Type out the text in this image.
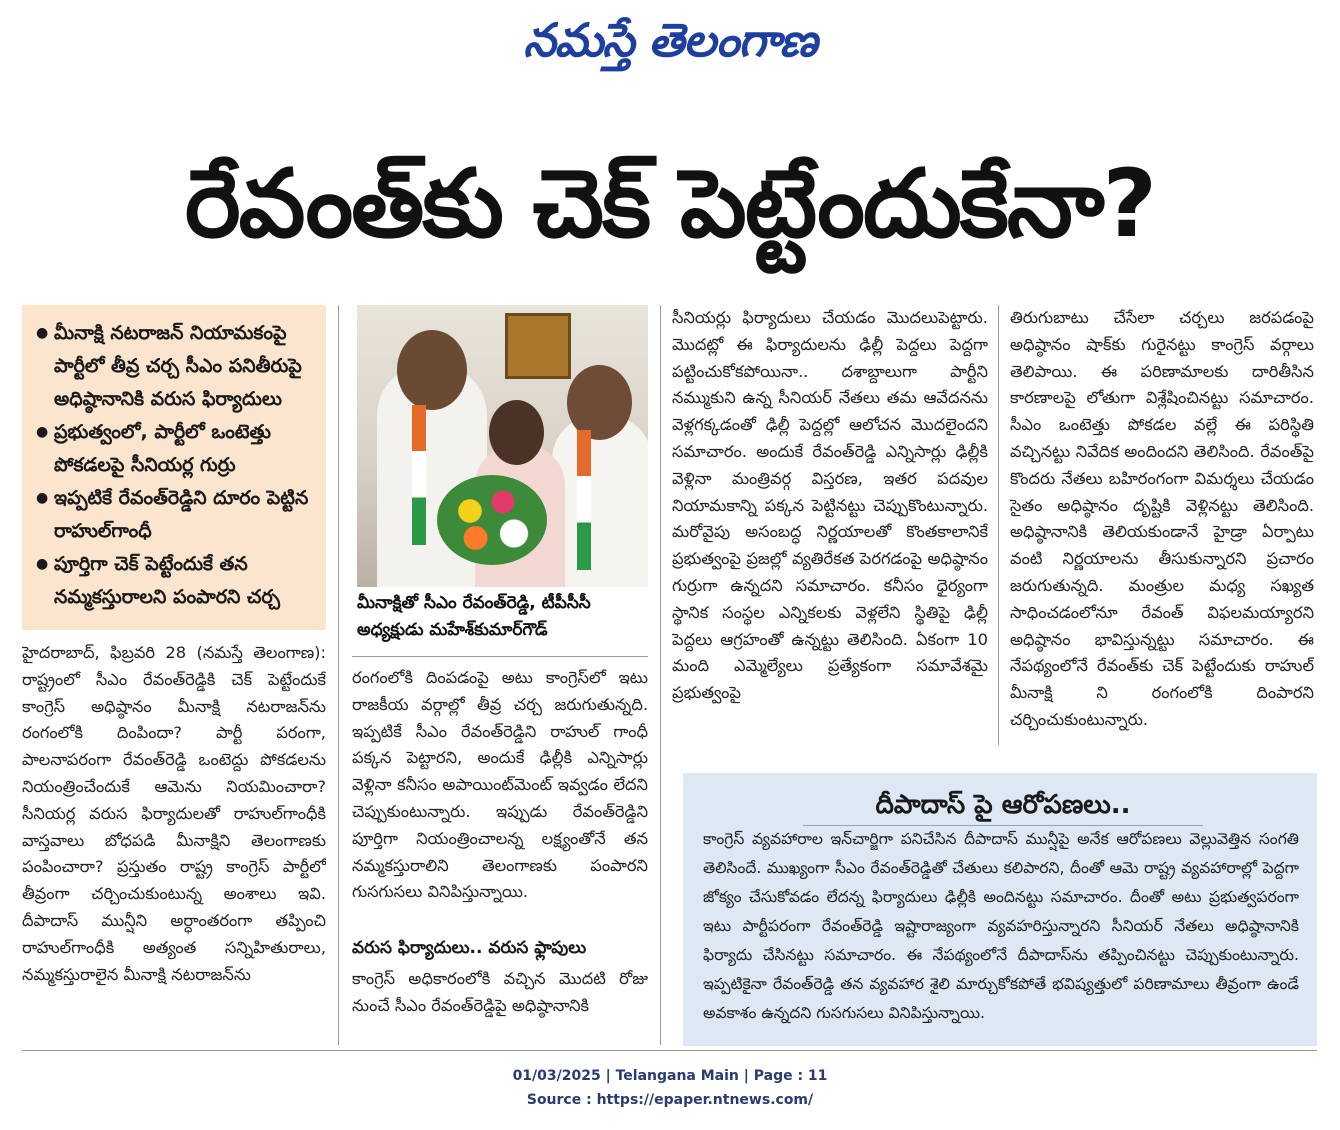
నమస్తే తెలంగాణ
రేవంత్‌కు చెక్ పెట్టేందుకేనా?
● మీనాక్షి నటరాజన్ నియామకంపై పార్టీలో తీవ్ర చర్చ సీఎం పనితీరుపై అధిష్ఠానానికి వరుస ఫిర్యాదులు
● ప్రభుత్వంలో, పార్టీలో ఒంటెత్తు పోకడలపై సీనియర్ల గుర్రు
● ఇప్పటికే రేవంత్‌రెడ్డిని దూరం పెట్టిన రాహుల్‌గాంధీ
● పూర్తిగా చెక్ పెట్టేందుకే తన నమ్మకస్తురాలని పంపారని చర్చ	మీనాక్షితో సీఎం రేవంత్‌రెడ్డి, టీపీసీసీ అధ్యక్షుడు మహేశ్‌కుమార్‌గౌడ్

హైదరాబాద్, ఫిబ్రవరి 28 (నమస్తే తెలంగాణ): రాష్ట్రంలో సీఎం రేవంత్‌రెడ్డికి చెక్ పెట్టేందుకే కాంగ్రెస్ అధిష్ఠానం మీనాక్షి నటరాజన్‌ను రంగంలోకి దింపిందా? పార్టీ పరంగా, పాలనాపరంగా రేవంత్‌రెడ్డి ఒంటెద్దు పోకడలను నియంత్రించేందుకే ఆమెను నియమించారా? సీనియర్ల వరుస ఫిర్యాదులతో రాహుల్‌గాంధీకి వాస్తవాలు బోధపడి మీనాక్షిని తెలంగాణకు పంపించారా? ప్రస్తుతం రాష్ట్ర కాంగ్రెస్ పార్టీలో తీవ్రంగా చర్చించుకుంటున్న అంశాలు ఇవి. దీపాదాస్ మున్షీని అర్ధాంతరంగా తప్పించి రాహుల్‌గాంధీకి అత్యంత సన్నిహితురాలు, నమ్మకస్తురాలైన మీనాక్షి నటరాజన్‌ను

రంగంలోకి దింపడంపై అటు కాంగ్రెస్‌లో ఇటు రాజకీయ వర్గాల్లో తీవ్ర చర్చ జరుగుతున్నది. ఇప్పటికే సీఎం రేవంత్‌రెడ్డిని రాహుల్ గాంధీ పక్కన పెట్టారని, అందుకే ఢిల్లీకి ఎన్నిసార్లు వెళ్లినా కనీసం అపాయింట్‌మెంట్ ఇవ్వడం లేదని చెప్పుకుంటున్నారు. ఇప్పుడు రేవంత్‌రెడ్డిని పూర్తిగా నియంత్రించాలన్న లక్ష్యంతోనే తన నమ్మకస్తురాలిని తెలంగాణకు పంపారని గుసగుసలు వినిపిస్తున్నాయి.

వరుస ఫిర్యాదులు.. వరుస ఫ్లాపులు

కాంగ్రెస్ అధికారంలోకి వచ్చిన మొదటి రోజు నుంచే సీఎం రేవంత్‌రెడ్డిపై అధిష్ఠానానికి

సీనియర్లు ఫిర్యాదులు చేయడం మొదలుపెట్టారు. మొదట్లో ఈ ఫిర్యాదులను ఢిల్లీ పెద్దలు పెద్దగా పట్టించుకోకపోయినా.. దశాబ్దాలుగా పార్టీని నమ్ముకుని ఉన్న సీనియర్ నేతలు తమ ఆవేదనను వెళ్లగక్కడంతో ఢిల్లీ పెద్దల్లో ఆలోచన మొదలైందని సమాచారం. అందుకే రేవంత్‌రెడ్డి ఎన్నిసార్లు ఢిల్లీకి వెళ్లినా మంత్రివర్గ విస్తరణ, ఇతర పదవుల నియామకాన్ని పక్కన పెట్టినట్టు చెప్పుకొంటున్నారు. మరోవైపు అసంబద్ధ నిర్ణయాలతో కొంతకాలానికే ప్రభుత్వంపై ప్రజల్లో వ్యతిరేకత పెరగడంపై అధిష్ఠానం గుర్రుగా ఉన్నదని సమాచారం. కనీసం ధైర్యంగా స్థానిక సంస్థల ఎన్నికలకు వెళ్లలేని స్థితిపై ఢిల్లీ పెద్దలు ఆగ్రహంతో ఉన్నట్టు తెలిసింది. ఏకంగా 10 మంది ఎమ్మెల్యేలు ప్రత్యేకంగా సమావేశమై ప్రభుత్వంపై

తిరుగుబాటు చేసేలా చర్చలు జరపడంపై అధిష్ఠానం షాక్‌కు గురైనట్టు కాంగ్రెస్ వర్గాలు తెలిపాయి. ఈ పరిణామాలకు దారితీసిన కారణాలపై లోతుగా విశ్లేషించినట్టు సమాచారం. సీఎం ఒంటెత్తు పోకడల వల్లే ఈ పరిస్థితి వచ్చినట్టు నివేదిక అందిందని తెలిసింది. రేవంత్‌పై కొందరు నేతలు బహిరంగంగా విమర్శలు చేయడం సైతం అధిష్ఠానం దృష్టికి వెళ్లినట్టు తెలిసింది. అధిష్ఠానానికి తెలియకుండానే హైడ్రా ఏర్పాటు వంటి నిర్ణయాలను తీసుకున్నారని ప్రచారం జరుగుతున్నది. మంత్రుల మధ్య సఖ్యత సాధించడంలోనూ రేవంత్ విఫలమయ్యారని అధిష్ఠానం భావిస్తున్నట్టు సమాచారం. ఈ నేపథ్యంలోనే రేవంత్‌కు చెక్ పెట్టేందుకు రాహుల్ మీనాక్షి ని రంగంలోకి దింపారని చర్చించుకుంటున్నారు.

దీపాదాస్ పై ఆరోపణలు..
కాంగ్రెస్ వ్యవహారాల ఇన్‌చార్జిగా పనిచేసిన దీపాదాస్ మున్షీపై అనేక ఆరోపణలు వెల్లువెత్తిన సంగతి తెలిసిందే. ముఖ్యంగా సీఎం రేవంత్‌రెడ్డితో చేతులు కలిపారని, దీంతో ఆమె రాష్ట్ర వ్యవహారాల్లో పెద్దగా జోక్యం చేసుకోవడం లేదన్న ఫిర్యాదులు ఢిల్లీకి అందినట్టు సమాచారం. దీంతో అటు ప్రభుత్వపరంగా ఇటు పార్టీపరంగా రేవంత్‌రెడ్డి ఇష్టారాజ్యంగా వ్యవహరిస్తున్నారని సీనియర్ నేతలు అధిష్ఠానానికి ఫిర్యాదు చేసినట్టు సమాచారం. ఈ నేపథ్యంలోనే దీపాదాస్‌ను తప్పించినట్టు చెప్పుకుంటున్నారు. ఇప్పటికైనా రేవంత్‌రెడ్డి తన వ్యవహార శైలి మార్చుకోకపోతే భవిష్యత్తులో పరిణామాలు తీవ్రంగా ఉండే అవకాశం ఉన్నదని గుసగుసలు వినిపిస్తున్నాయి.
01/03/2025 | Telangana Main | Page : 11
Source : https://epaper.ntnews.com/
